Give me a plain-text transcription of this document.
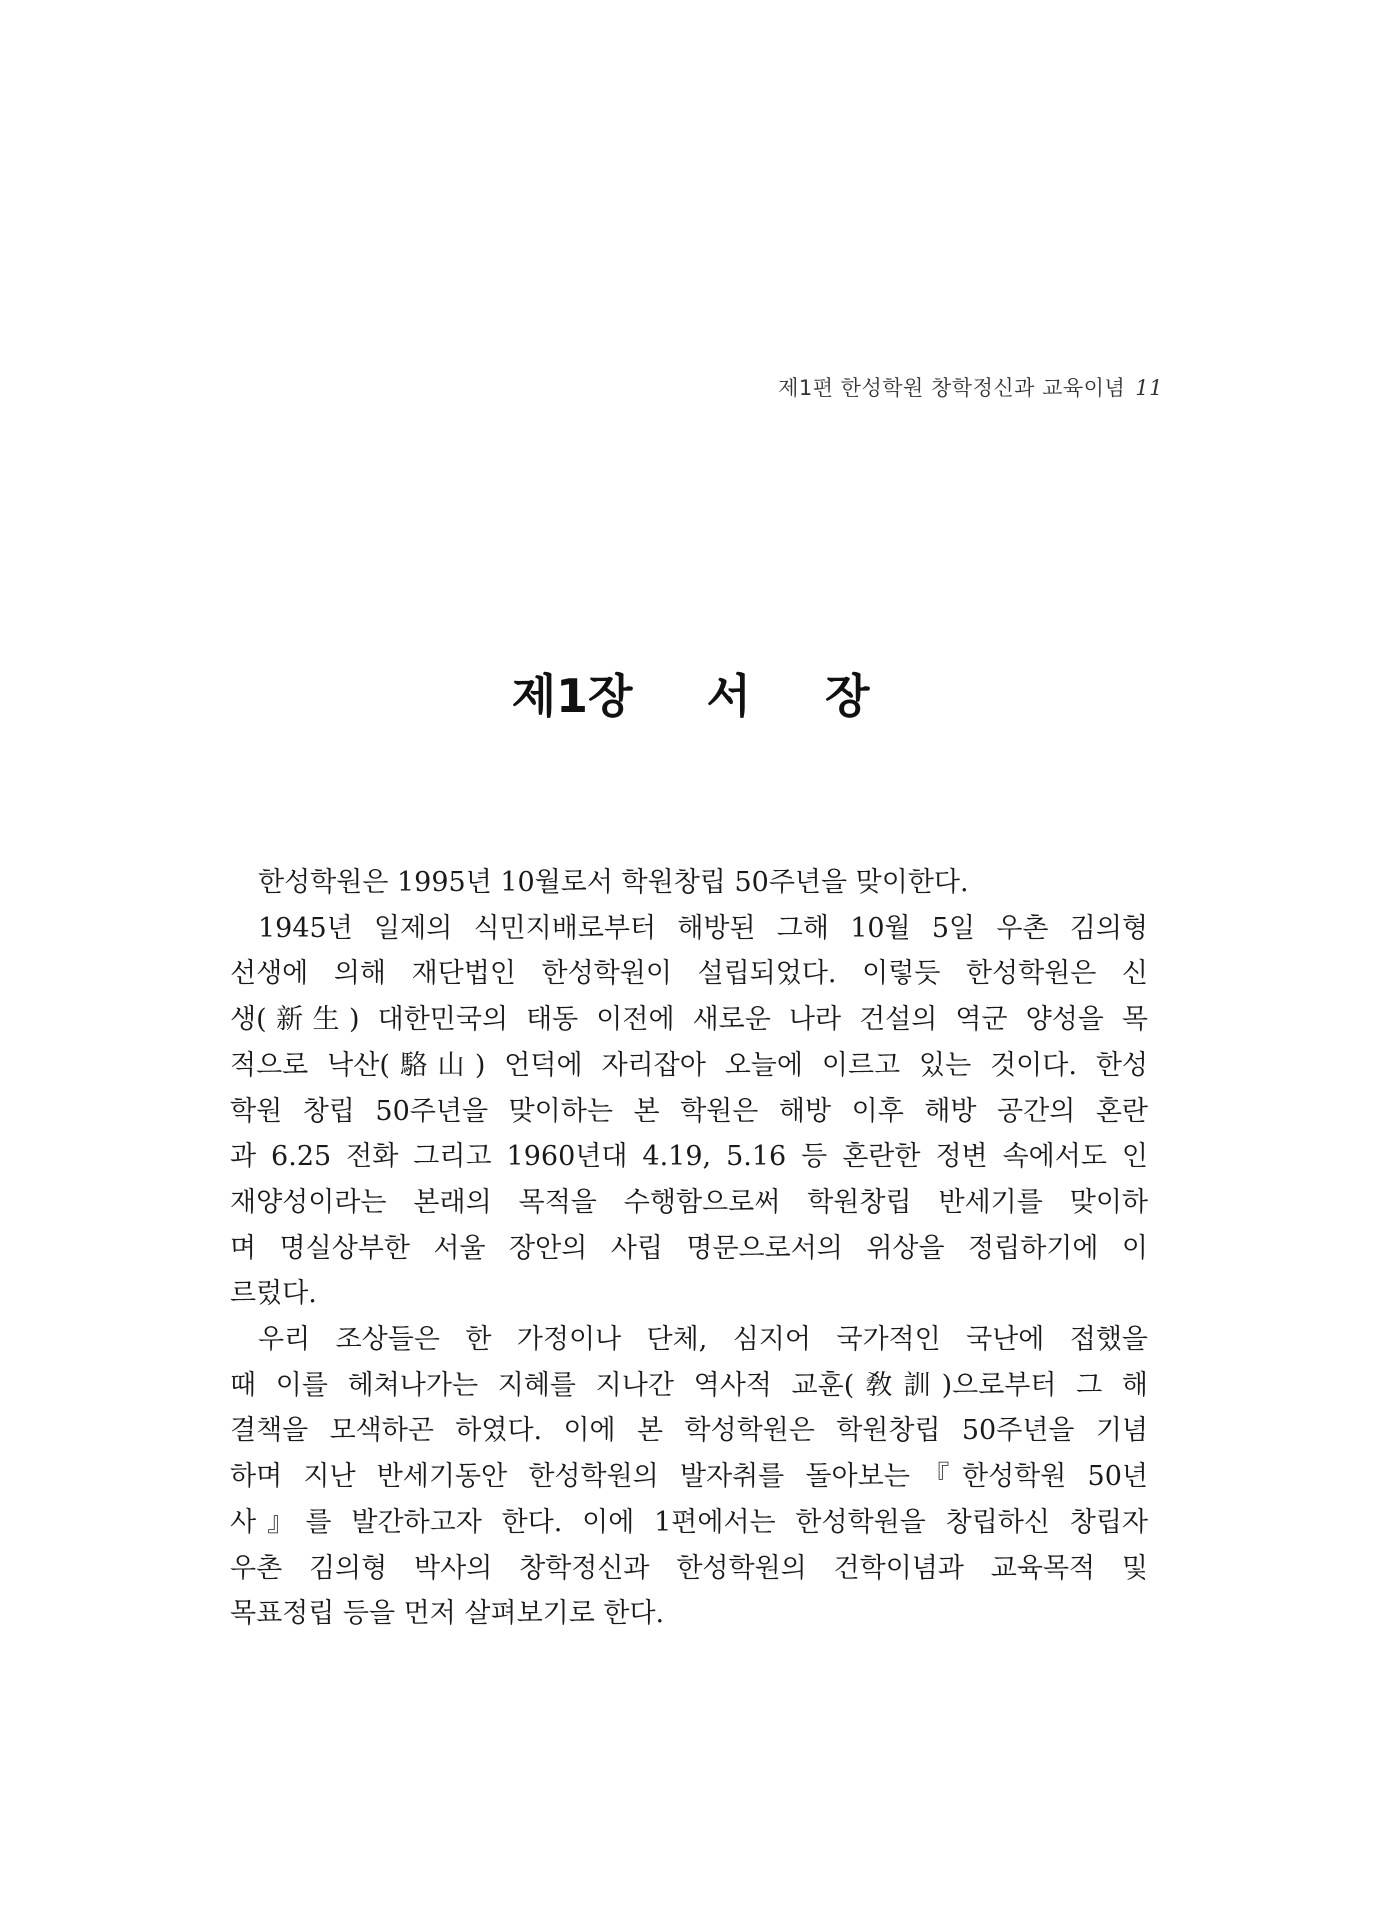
제1편 한성학원 창학정신과 교육이념 11
제1장 서 장
한성학원은 1995년 10월로서 학원창립 50주년을 맞이한다.
1945년 일제의 식민지배로부터 해방된 그해 10월 5일 우촌 김의형
선생에 의해 재단법인 한성학원이 설립되었다. 이렇듯 한성학원은 신
생(新生) 대한민국의 태동 이전에 새로운 나라 건설의 역군 양성을 목
적으로 낙산(駱山) 언덕에 자리잡아 오늘에 이르고 있는 것이다. 한성
학원 창립 50주년을 맞이하는 본 학원은 해방 이후 해방 공간의 혼란
과 6.25 전화 그리고 1960년대 4.19, 5.16 등 혼란한 정변 속에서도 인
재양성이라는 본래의 목적을 수행함으로써 학원창립 반세기를 맞이하
며 명실상부한 서울 장안의 사립 명문으로서의 위상을 정립하기에 이
르렀다.
우리 조상들은 한 가정이나 단체, 심지어 국가적인 국난에 접했을
때 이를 헤쳐나가는 지혜를 지나간 역사적 교훈(敎訓)으로부터 그 해
결책을 모색하곤 하였다. 이에 본 학성학원은 학원창립 50주년을 기념
하며 지난 반세기동안 한성학원의 발자취를 돌아보는『한성학원 50년
사』를 발간하고자 한다. 이에 1편에서는 한성학원을 창립하신 창립자
우촌 김의형 박사의 창학정신과 한성학원의 건학이념과 교육목적 및
목표정립 등을 먼저 살펴보기로 한다.
